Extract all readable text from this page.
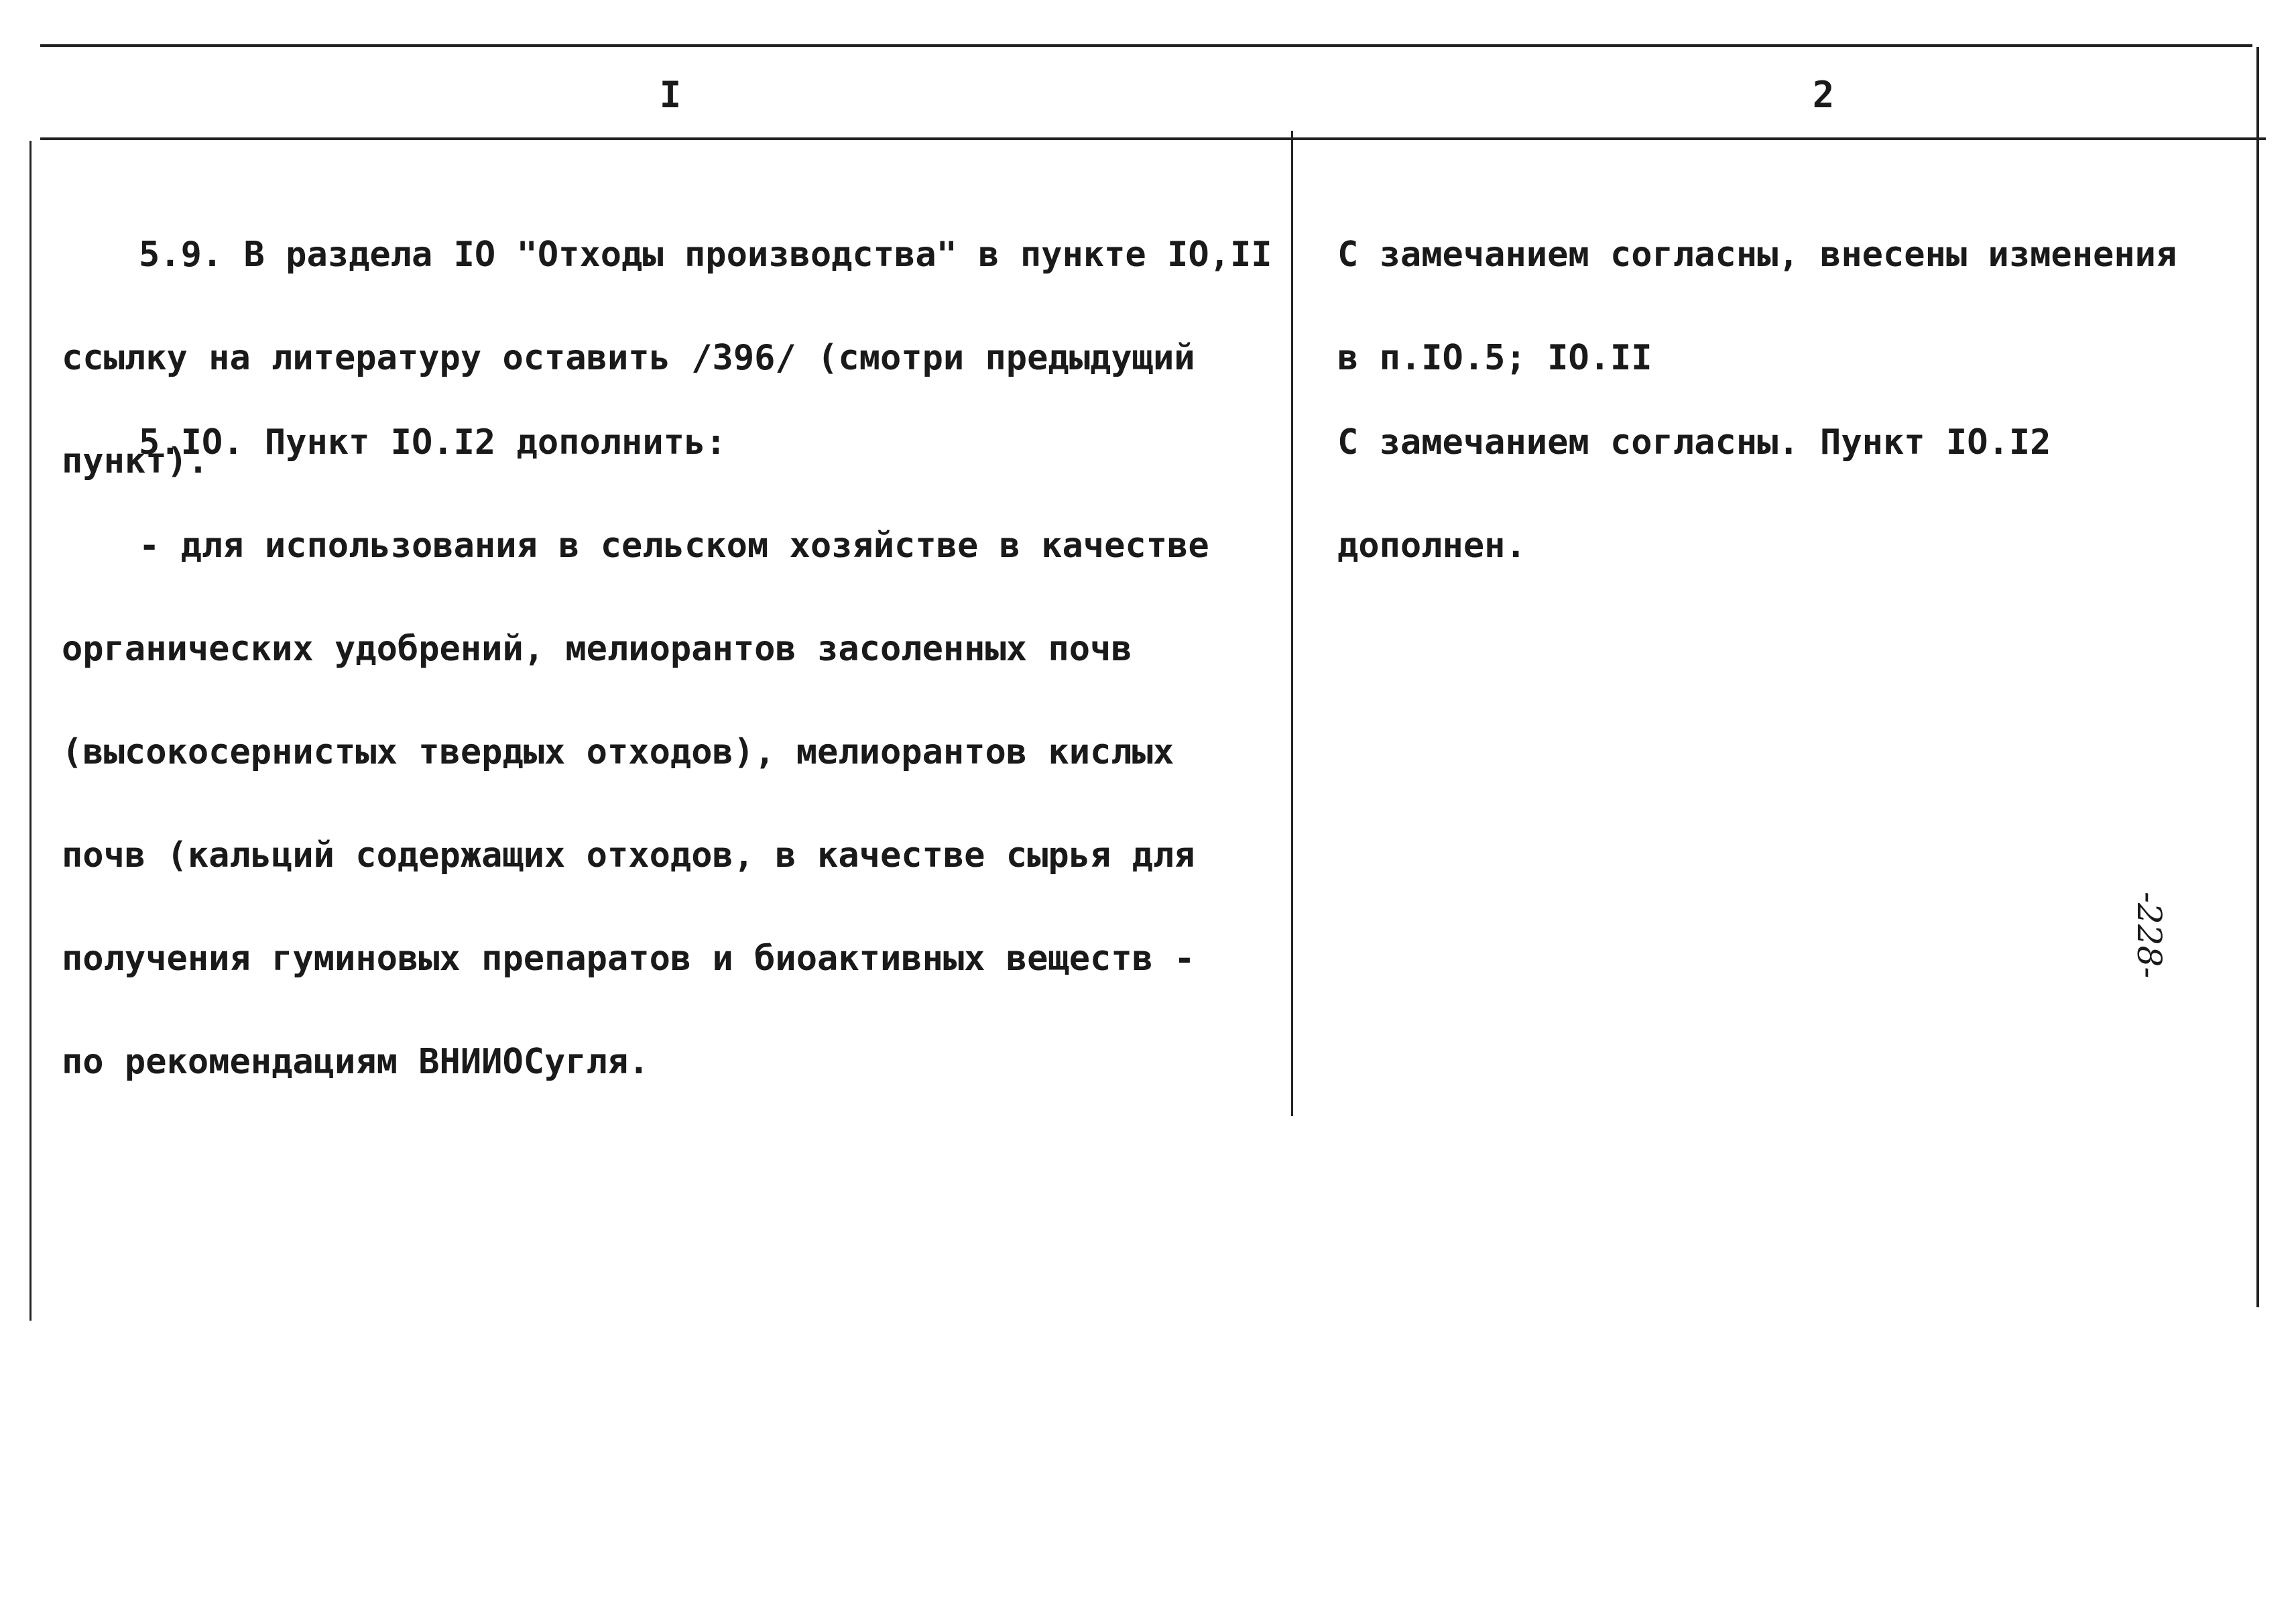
I	2

5.9. В раздела IO "Отходы производства" в пункте IO,II

ссылку на литературу оставить /396/ (смотри предыдущий

пункт).

С замечанием согласны, внесены изменения

в п.IO.5; IO.II

5.IO. Пункт IO.I2 дополнить:

- для использования в сельском хозяйстве в качестве

органических удобрений, мелиорантов засоленных почв

(высокосернистых твердых отходов), мелиорантов кислых

почв (кальций содержащих отходов, в качестве сырья для

получения гуминовых препаратов и биоактивных веществ -

по рекомендациям ВНИИОСугля.

С замечанием согласны. Пункт IO.I2

дополнен.

-228-
